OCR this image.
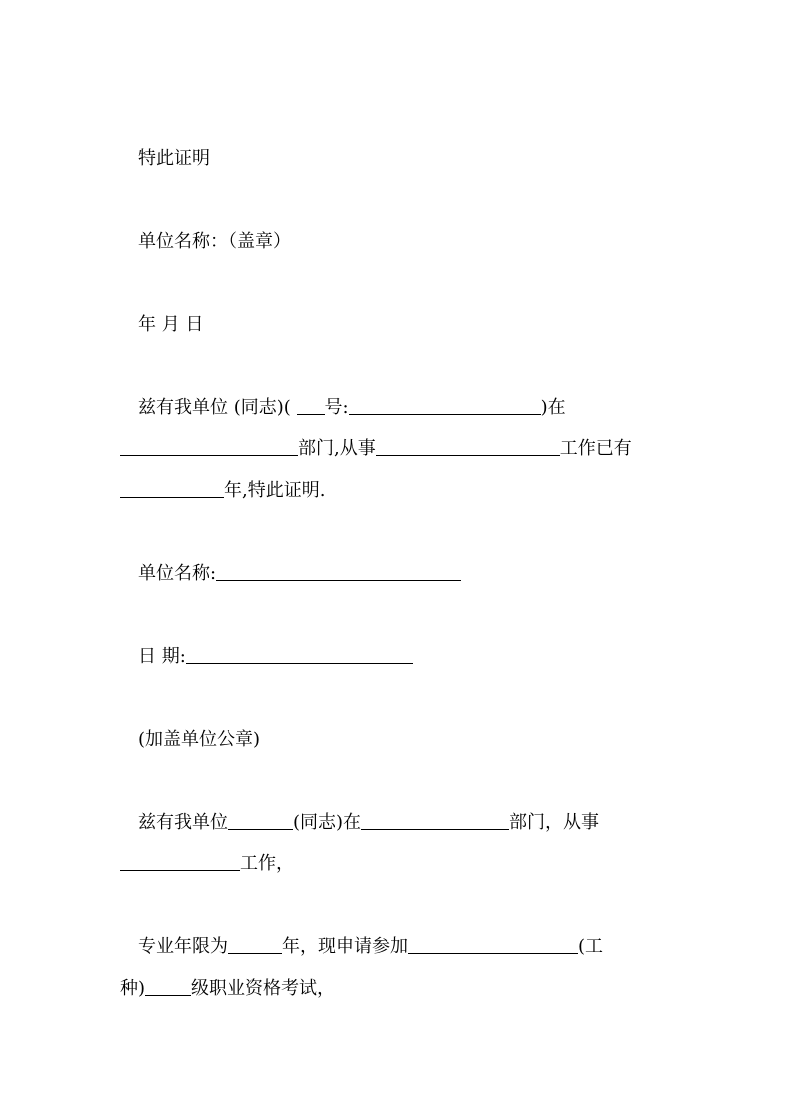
特此证明
单位名称：（盖章）
年 月 日
兹有我单位 (同志)( 号:	)在
部门,从事	工作已有
年,特此证明.
单位名称:
日 期:
(加盖单位公章)
兹有我单位	(同志)在	部门，从事
工作，
专业年限为	年，现申请参加	(工
种)	级职业资格考试，
